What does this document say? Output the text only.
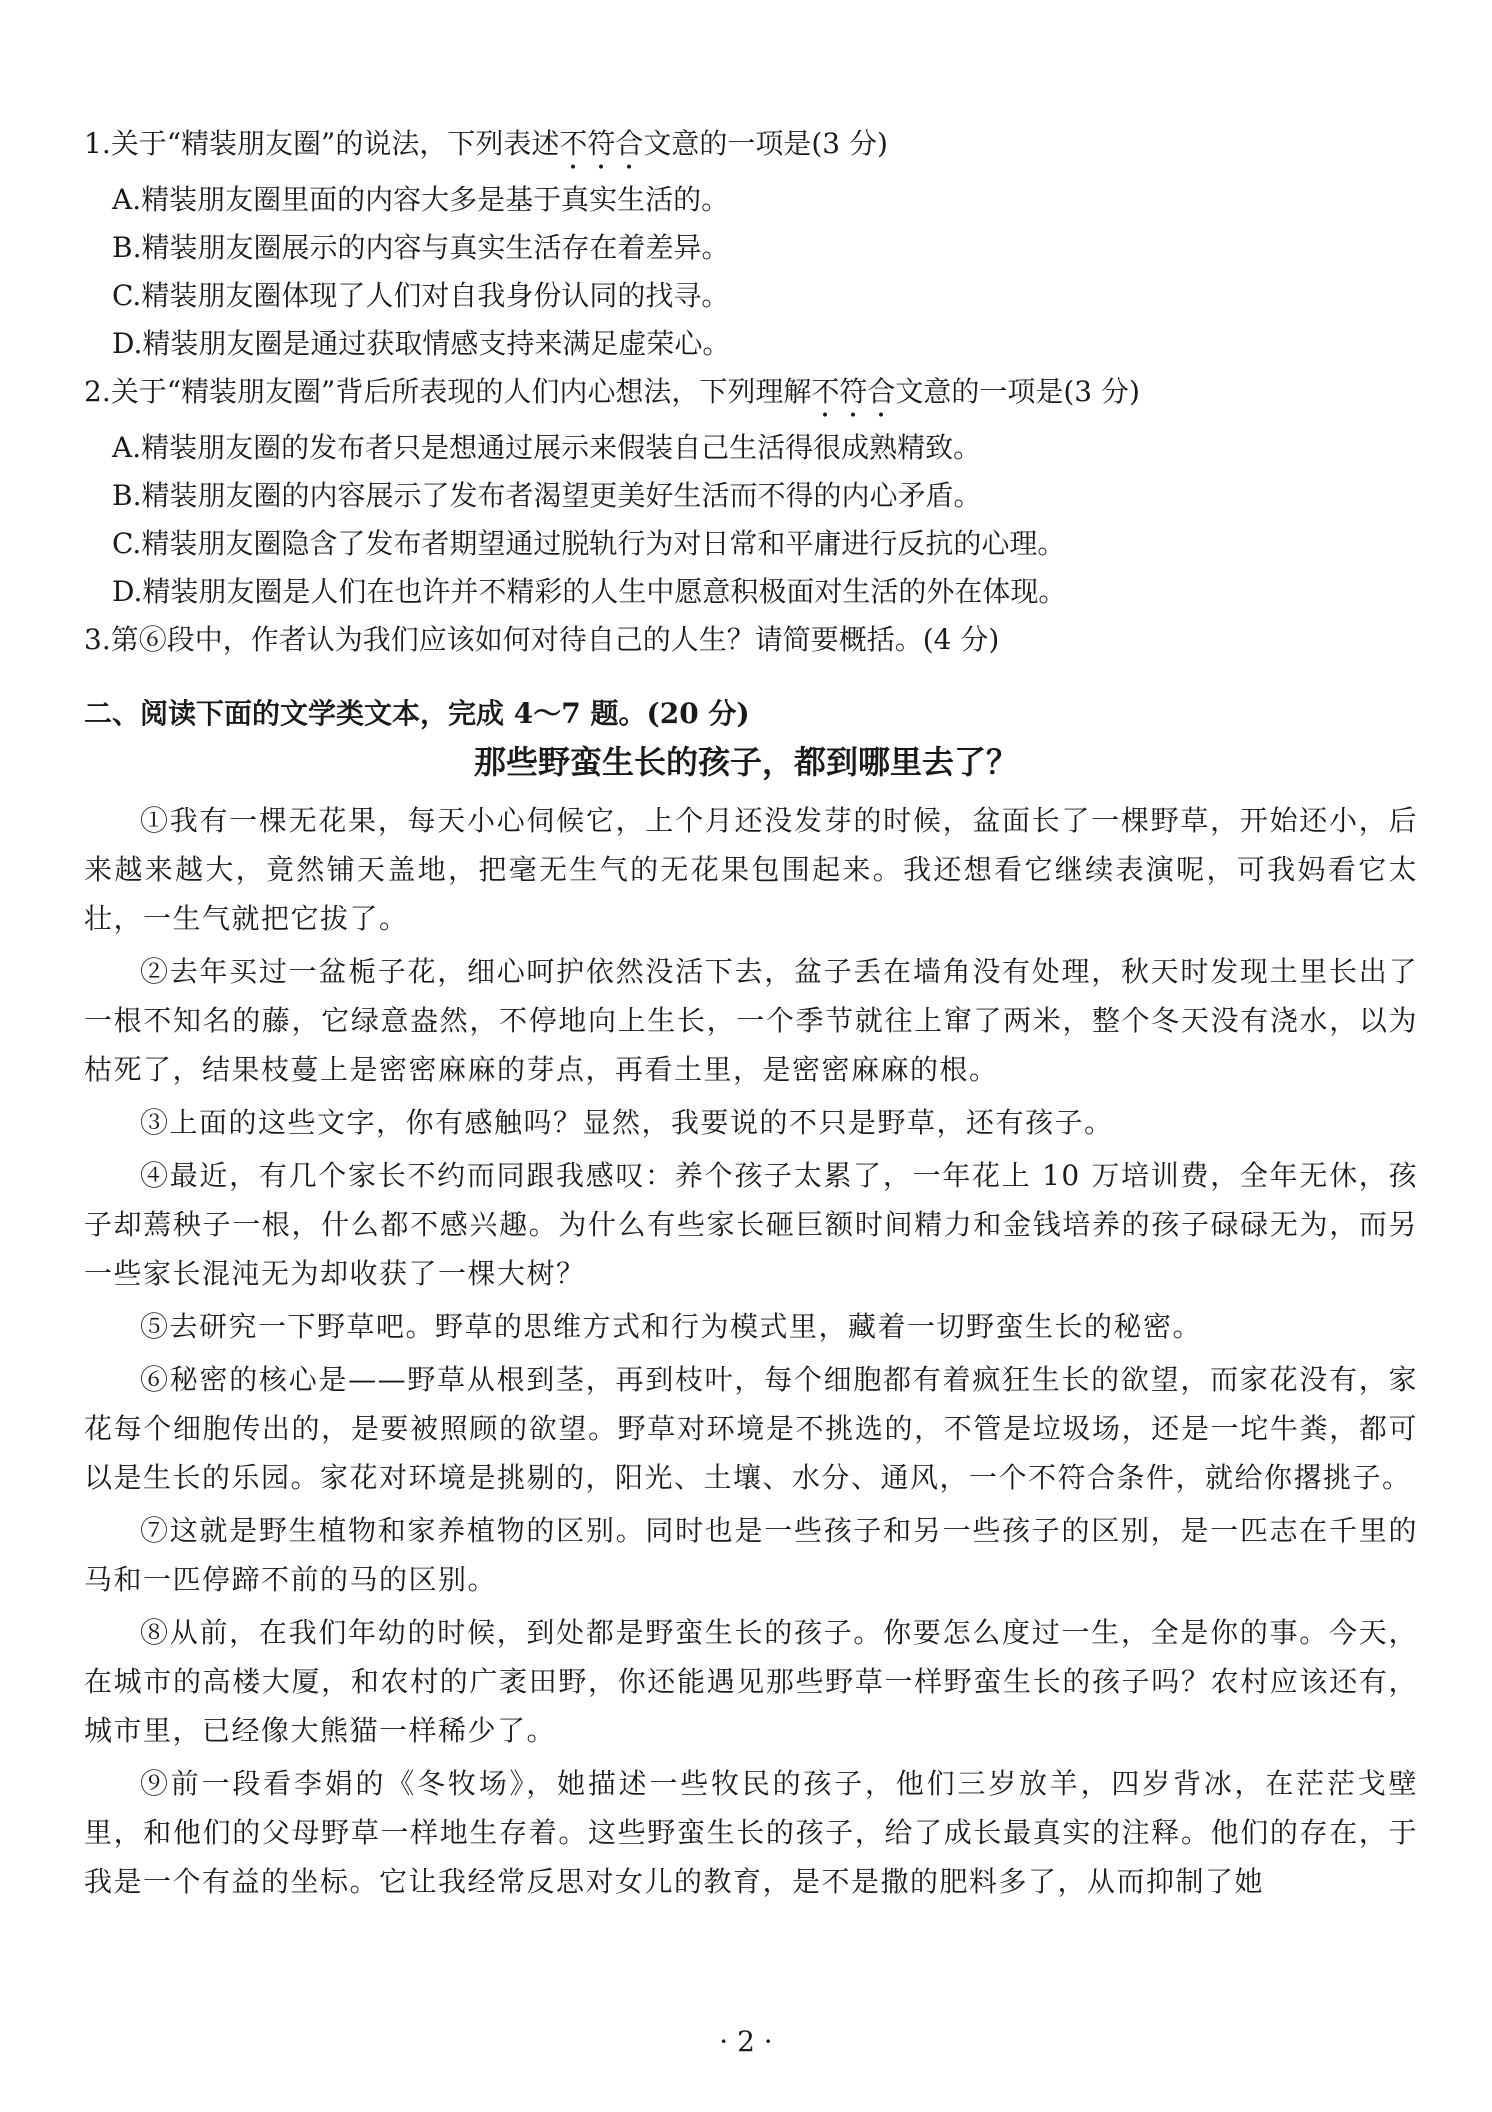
1.关于“精装朋友圈”的说法，下列表述不符合文意的一项是(3 分)
A.精装朋友圈里面的内容大多是基于真实生活的。
B.精装朋友圈展示的内容与真实生活存在着差异。
C.精装朋友圈体现了人们对自我身份认同的找寻。
D.精装朋友圈是通过获取情感支持来满足虚荣心。
2.关于“精装朋友圈”背后所表现的人们内心想法，下列理解不符合文意的一项是(3 分)
A.精装朋友圈的发布者只是想通过展示来假装自己生活得很成熟精致。
B.精装朋友圈的内容展示了发布者渴望更美好生活而不得的内心矛盾。
C.精装朋友圈隐含了发布者期望通过脱轨行为对日常和平庸进行反抗的心理。
D.精装朋友圈是人们在也许并不精彩的人生中愿意积极面对生活的外在体现。
3.第⑥段中，作者认为我们应该如何对待自己的人生？请简要概括。(4 分)
二、阅读下面的文学类文本，完成 4～7 题。(20 分)
那些野蛮生长的孩子，都到哪里去了？

①我有一棵无花果，每天小心伺候它，上个月还没发芽的时候，盆面长了一棵野草，开始还小，后来越来越大，竟然铺天盖地，把毫无生气的无花果包围起来。我还想看它继续表演呢，可我妈看它太壮，一生气就把它拔了。

②去年买过一盆栀子花，细心呵护依然没活下去，盆子丢在墙角没有处理，秋天时发现土里长出了一根不知名的藤，它绿意盎然，不停地向上生长，一个季节就往上窜了两米，整个冬天没有浇水，以为枯死了，结果枝蔓上是密密麻麻的芽点，再看土里，是密密麻麻的根。

③上面的这些文字，你有感触吗？显然，我要说的不只是野草，还有孩子。

④最近，有几个家长不约而同跟我感叹：养个孩子太累了，一年花上 10 万培训费，全年无休，孩子却蔫秧子一根，什么都不感兴趣。为什么有些家长砸巨额时间精力和金钱培养的孩子碌碌无为，而另一些家长混沌无为却收获了一棵大树？

⑤去研究一下野草吧。野草的思维方式和行为模式里，藏着一切野蛮生长的秘密。

⑥秘密的核心是——野草从根到茎，再到枝叶，每个细胞都有着疯狂生长的欲望，而家花没有，家花每个细胞传出的，是要被照顾的欲望。野草对环境是不挑选的，不管是垃圾场，还是一坨牛粪，都可以是生长的乐园。家花对环境是挑剔的，阳光、土壤、水分、通风，一个不符合条件，就给你撂挑子。

⑦这就是野生植物和家养植物的区别。同时也是一些孩子和另一些孩子的区别，是一匹志在千里的马和一匹停蹄不前的马的区别。

⑧从前，在我们年幼的时候，到处都是野蛮生长的孩子。你要怎么度过一生，全是你的事。今天，在城市的高楼大厦，和农村的广袤田野，你还能遇见那些野草一样野蛮生长的孩子吗？农村应该还有，城市里，已经像大熊猫一样稀少了。

⑨前一段看李娟的《冬牧场》，她描述一些牧民的孩子，他们三岁放羊，四岁背冰，在茫茫戈壁里，和他们的父母野草一样地生存着。这些野蛮生长的孩子，给了成长最真实的注释。他们的存在，于我是一个有益的坐标。它让我经常反思对女儿的教育，是不是撒的肥料多了，从而抑制了她

· 2 ·
